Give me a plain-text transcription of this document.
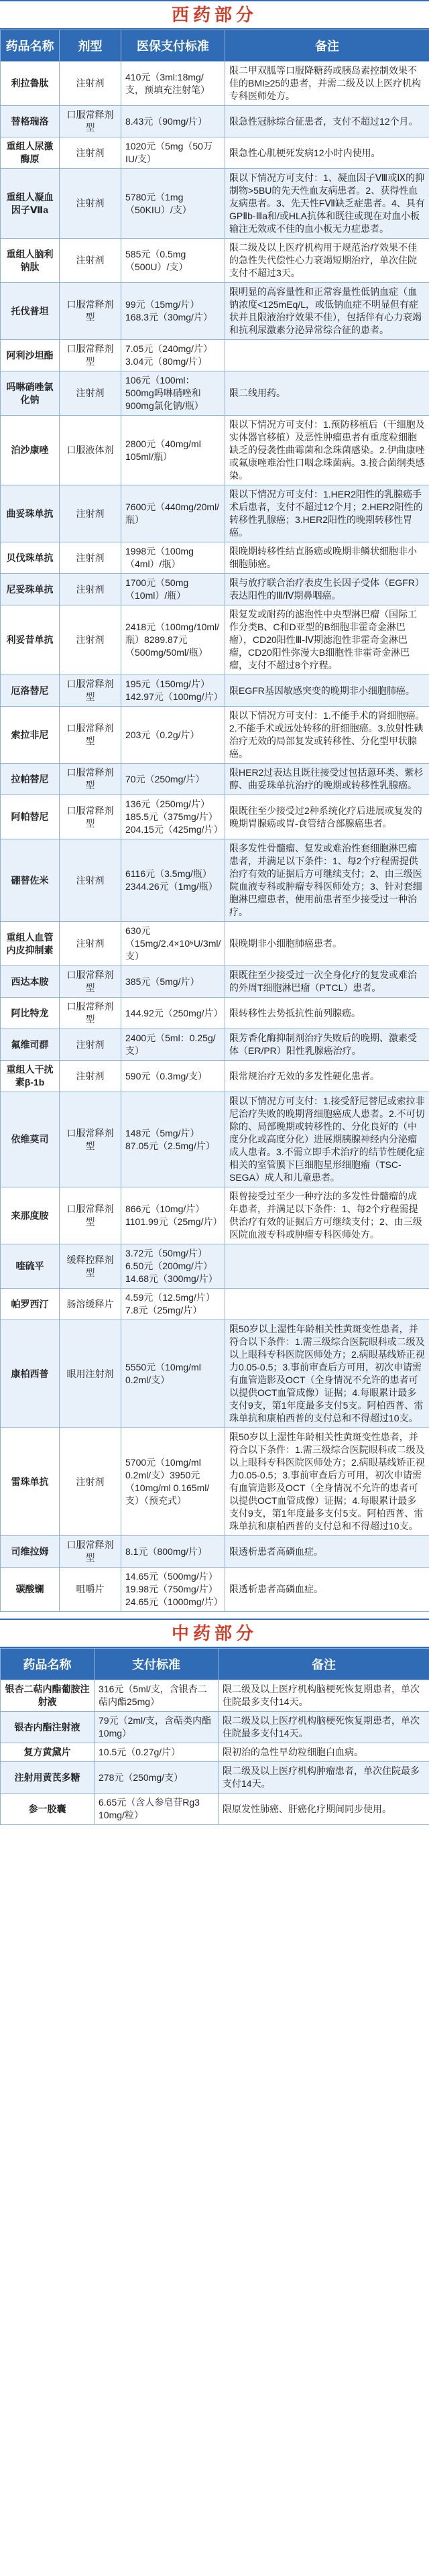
西药部分
药品名称	剂型	医保支付标准	备注
利拉鲁肽	注射剂	410元（3ml:18mg/支，预填充注射笔）	限二甲双胍等口服降糖药或胰岛素控制效果不佳的BMI≥25的患者，并需二级及以上医疗机构专科医师处方。
替格瑞洛	口服常释剂型	8.43元（90mg/片）	限急性冠脉综合征患者，支付不超过12个月。
重组人尿激酶原	注射剂	1020元（5mg（50万IU/支）	限急性心肌梗死发病12小时内使用。
重组人凝血因子Ⅶa	注射剂	5780元（1mg（50KIU）/支）	限以下情况方可支付：1、凝血因子Ⅷ或Ⅸ的抑制物>5BU的先天性血友病患者。2、获得性血友病患者。3、先天性FⅦ缺乏症患者。4、具有GPⅡb-Ⅲa和/或HLA抗体和既往或现在对血小板输注无效或不佳的血小板无力症患者。
重组人脑利钠肽	注射剂	585元（0.5mg（500U）/支）	限二级及以上医疗机构用于规范治疗效果不佳的急性失代偿性心力衰竭短期治疗，单次住院支付不超过3天。
托伐普坦	口服常释剂型	99元（15mg/片）168.3元（30mg/片）	限明显的高容量性和正常容量性低钠血症（血钠浓度<125mEq/L，或低钠血症不明显但有症状并且限液治疗效果不佳），包括伴有心力衰竭和抗利尿激素分泌异常综合征的患者。
阿利沙坦酯	口服常释剂型	7.05元（240mg/片）3.04元（80mg/片）	
吗啉硝唑氯化钠	注射剂	106元（100ml：500mg吗啉硝唑和900mg氯化钠/瓶）	限二线用药。
泊沙康唑	口服液体剂	2800元（40mg/ml 105ml/瓶）	限以下情况方可支付：1.预防移植后（干细胞及实体器官移植）及恶性肿瘤患者有重度粒细胞缺乏的侵袭性曲霉菌和念珠菌感染。2.伊曲康唑或氟康唑难治性口咽念珠菌病。3.接合菌纲类感染。
曲妥珠单抗	注射剂	7600元（440mg/20ml/瓶）	限以下情况方可支付：1.HER2阳性的乳腺癌手术后患者，支付不超过12个月；2.HER2阳性的转移性乳腺癌；3.HER2阳性的晚期转移性胃癌。
贝伐珠单抗	注射剂	1998元（100mg（4ml）/瓶）	限晚期转移性结直肠癌或晚期非鳞状细胞非小细胞肺癌。
尼妥珠单抗	注射剂	1700元（50mg（10ml）/瓶）	限与放疗联合治疗表皮生长因子受体（EGFR）表达阳性的Ⅲ/Ⅳ期鼻咽癌。
利妥昔单抗	注射剂	2418元（100mg/10ml/瓶）8289.87元（500mg/50ml/瓶）	限复发或耐药的滤泡性中央型淋巴瘤（国际工作分类B、C和D亚型的B细胞非霍奇金淋巴瘤），CD20阳性Ⅲ-Ⅳ期滤泡性非霍奇金淋巴瘤，CD20阳性弥漫大B细胞性非霍奇金淋巴瘤，支付不超过8个疗程。
厄洛替尼	口服常释剂型	195元（150mg/片）142.97元（100mg/片）	限EGFR基因敏感突变的晚期非小细胞肺癌。
索拉非尼	口服常释剂型	203元（0.2g/片）	限以下情况方可支付：1.不能手术的肾细胞癌。2.不能手术或远处转移的肝细胞癌。3.放射性碘治疗无效的局部复发或转移性、分化型甲状腺癌。
拉帕替尼	口服常释剂型	70元（250mg/片）	限HER2过表达且既往接受过包括蒽环类、紫杉醇、曲妥珠单抗治疗的晚期或转移性乳腺癌。
阿帕替尼	口服常释剂型	136元（250mg/片）185.5元（375mg/片）204.15元（425mg/片）	限既往至少接受过2种系统化疗后进展或复发的晚期胃腺癌或胃-食管结合部腺癌患者。
硼替佐米	注射剂	6116元（3.5mg/瓶）2344.26元（1mg/瓶）	限多发性骨髓瘤、复发或难治性套细胞淋巴瘤患者，并满足以下条件：1、每2个疗程需提供治疗有效的证据后方可继续支付；2、由三级医院血液专科或肿瘤专科医师处方；3、针对套细胞淋巴瘤患者，使用前患者至少接受过一种治疗。
重组人血管内皮抑制素	注射剂	630元（15mg/2.4×10⁵U/3ml/支）	限晚期非小细胞肺癌患者。
西达本胺	口服常释剂型	385元（5mg/片）	限既往至少接受过一次全身化疗的复发或难治的外周T细胞淋巴瘤（PTCL）患者。
阿比特龙	口服常释剂型	144.92元（250mg/片）	限转移性去势抵抗性前列腺癌。
氟维司群	注射剂	2400元（5ml：0.25g/支）	限芳香化酶抑制剂治疗失败后的晚期、激素受体（ER/PR）阳性乳腺癌治疗。
重组人干扰素β-1b	注射剂	590元（0.3mg/支）	限常规治疗无效的多发性硬化患者。
依维莫司	口服常释剂型	148元（5mg/片）87.05元（2.5mg/片）	限以下情况方可支付：1.接受舒尼替尼或索拉非尼治疗失败的晚期肾细胞癌成人患者。2.不可切除的、局部晚期或转移性的、分化良好的（中度分化或高度分化）进展期胰腺神经内分泌瘤成人患者。3.不需立即手术治疗的结节性硬化症相关的室管膜下巨细胞星形细胞瘤（TSC-SEGA）成人和儿童患者。
来那度胺	口服常释剂型	866元（10mg/片）1101.99元（25mg/片）	限曾接受过至少一种疗法的多发性骨髓瘤的成年患者，并满足以下条件：1、每2个疗程需提供治疗有效的证据后方可继续支付；2、由三级医院血液专科或肿瘤专科医师处方。
喹硫平	缓释控释剂型	3.72元（50mg/片）6.50元（200mg/片）14.68元（300mg/片）	
帕罗西汀	肠溶缓释片	4.59元（12.5mg/片）7.8元（25mg/片）	
康柏西普	眼用注射剂	5550元（10mg/ml 0.2ml/支）	限50岁以上湿性年龄相关性黄斑变性患者，并符合以下条件：1.需三级综合医院眼科或二级及以上眼科专科医院医师处方；2.病眼基线矫正视力0.05-0.5；3.事前审查后方可用，初次申请需有血管造影及OCT（全身情况不允许的患者可以提供OCT血管成像）证据；4.每眼累计最多支付9支，第1年度最多支付5支。阿柏西普、雷珠单抗和康柏西普的支付总和不得超过10支。
雷珠单抗	注射剂	5700元（10mg/ml 0.2ml/支）3950元（10mg/ml 0.165ml/支）（预充式）	限50岁以上湿性年龄相关性黄斑变性患者，并符合以下条件：1.需三级综合医院眼科或二级及以上眼科专科医院医师处方；2.病眼基线矫正视力0.05-0.5；3.事前审查后方可用，初次申请需有血管造影及OCT（全身情况不允许的患者可以提供OCT血管成像）证据；4.每眼累计最多支付9支，第1年度最多支付5支。阿柏西普、雷珠单抗和康柏西普的支付总和不得超过10支。
司维拉姆	口服常释剂型	8.1元（800mg/片）	限透析患者高磷血症。
碳酸镧	咀嚼片	14.65元（500mg/片）19.98元（750mg/片）24.65元（1000mg/片）	限透析患者高磷血症。
中药部分
药品名称	支付标准	备注
银杏二萜内酯葡胺注射液	316元（5ml/支，含银杏二萜内酯25mg）	限二级及以上医疗机构脑梗死恢复期患者，单次住院最多支付14天。
银杏内酯注射液	79元（2ml/支，含萜类内酯10mg）	限二级及以上医疗机构脑梗死恢复期患者，单次住院最多支付14天。
复方黄黛片	10.5元（0.27g/片）	限初治的急性早幼粒细胞白血病。
注射用黄芪多糖	278元（250mg/支）	限二级及以上医疗机构肿瘤患者，单次住院最多支付14天。
参一胶囊	6.65元（含人参皂苷Rg3 10mg/粒）	限原发性肺癌、肝癌化疗期间同步使用。
